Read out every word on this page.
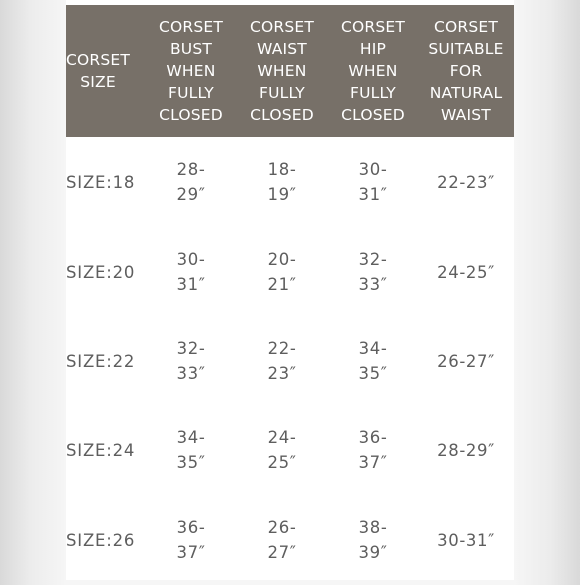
CORSET
SIZE
CORSET
BUST
WHEN
FULLY
CLOSED
CORSET
WAIST
WHEN
FULLY
CLOSED
CORSET
HIP
WHEN
FULLY
CLOSED
CORSET
SUITABLE
FOR
NATURAL
WAIST
SIZE:18
28-
29″
18-
19″
30-
31″
22-23″
SIZE:20
30-
31″
20-
21″
32-
33″
24-25″
SIZE:22
32-
33″
22-
23″
34-
35″
26-27″
SIZE:24
34-
35″
24-
25″
36-
37″
28-29″
SIZE:26
36-
37″
26-
27″
38-
39″
30-31″
